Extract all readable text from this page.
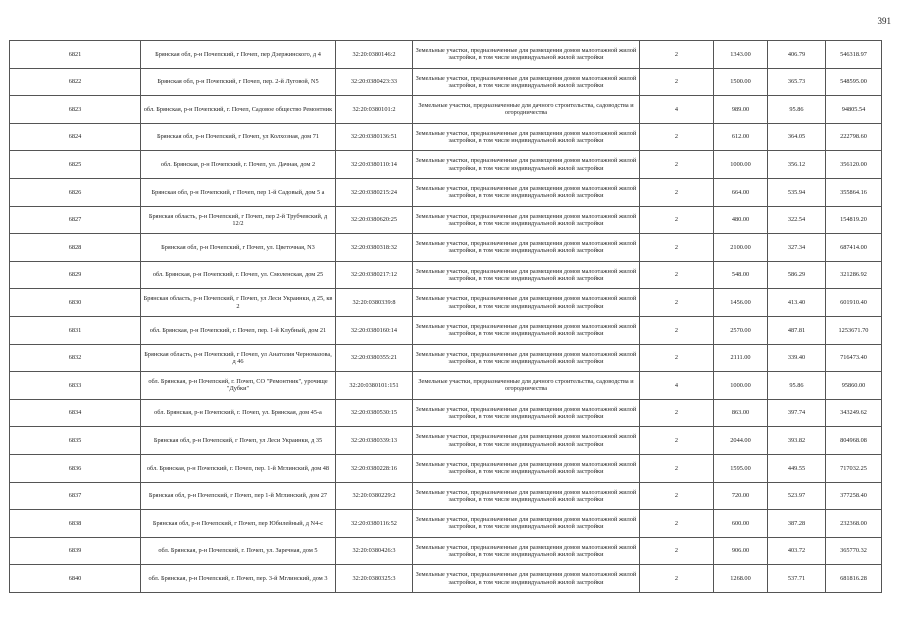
391
6821	Брянская обл, р-н Почепский, г Почеп, пер Дзержинского, д 4	32:20:0380146:2	Земельные участки, предназначенные для размещения домов малоэтажной жилой застройки, в том числе индивидуальной жилой застройки	2	1343.00	406.79	546318.97
6822	Брянская обл, р-н Почепский, г Почеп, пер. 2-й Луговой, N5	32:20:0380423:33	Земельные участки, предназначенные для размещения домов малоэтажной жилой застройки, в том числе индивидуальной жилой застройки	2	1500.00	365.73	548595.00
6823	обл. Брянская, р-н Почепский, г. Почеп, Садовое общество Ремонтник	32:20:0380101:2	Земельные участки, предназначенные для дачного строительства, садоводства и огородничества	4	989.00	95.86	94805.54
6824	Брянская обл, р-н Почепский, г Почеп, ул Колхозная, дом 71	32:20:0380136:51	Земельные участки, предназначенные для размещения домов малоэтажной жилой застройки, в том числе индивидуальной жилой застройки	2	612.00	364.05	222798.60
6825	обл. Брянская, р-н Почепский, г. Почеп, ул. Дачная, дом 2	32:20:0380110:14	Земельные участки, предназначенные для размещения домов малоэтажной жилой застройки, в том числе индивидуальной жилой застройки	2	1000.00	356.12	356120.00
6826	Брянская обл, р-н Почепский, г Почеп, пер 1-й Садовый, дом 5 а	32:20:0380215:24	Земельные участки, предназначенные для размещения домов малоэтажной жилой застройки, в том числе индивидуальной жилой застройки	2	664.00	535.94	355864.16
6827	Брянская область, р-н Почепский, г Почеп, пер 2-й Трубчевский, д 12/2	32:20:0380620:25	Земельные участки, предназначенные для размещения домов малоэтажной жилой застройки, в том числе индивидуальной жилой застройки	2	480.00	322.54	154819.20
6828	Брянская обл, р-н Почепский, г Почеп, ул. Цветочная, N3	32:20:0380318:32	Земельные участки, предназначенные для размещения домов малоэтажной жилой застройки, в том числе индивидуальной жилой застройки	2	2100.00	327.34	687414.00
6829	обл. Брянская, р-н Почепский, г. Почеп, ул. Смоленская, дом 25	32:20:0380217:12	Земельные участки, предназначенные для размещения домов малоэтажной жилой застройки, в том числе индивидуальной жилой застройки	2	548.00	586.29	321286.92
6830	Брянская область, р-н Почепский, г Почеп, ул Леси Украинки, д 25, кв 2	32:20:0380339:8	Земельные участки, предназначенные для размещения домов малоэтажной жилой застройки, в том числе индивидуальной жилой застройки	2	1456.00	413.40	601910.40
6831	обл. Брянская, р-н Почепский, г. Почеп, пер. 1-й Клубный, дом 21	32:20:0380160:14	Земельные участки, предназначенные для размещения домов малоэтажной жилой застройки, в том числе индивидуальной жилой застройки	2	2570.00	487.81	1253671.70
6832	Брянская область, р-н Почепский, г Почеп, ул Анатолия Черномазова, д 46	32:20:0380355:21	Земельные участки, предназначенные для размещения домов малоэтажной жилой застройки, в том числе индивидуальной жилой застройки	2	2111.00	339.40	716473.40
6833	обл. Брянская, р-н Почепский, г. Почеп, СО "Ремонтник", урочище "Дубки"	32:20:0380101:151	Земельные участки, предназначенные для дачного строительства, садоводства и огородничества	4	1000.00	95.86	95860.00
6834	обл. Брянская, р-н Почепский, г. Почеп, ул. Брянская, дом 45-а	32:20:0380530:15	Земельные участки, предназначенные для размещения домов малоэтажной жилой застройки, в том числе индивидуальной жилой застройки	2	863.00	397.74	343249.62
6835	Брянская обл, р-н Почепский, г Почеп, ул Леси Украинки, д 35	32:20:0380339:13	Земельные участки, предназначенные для размещения домов малоэтажной жилой застройки, в том числе индивидуальной жилой застройки	2	2044.00	393.82	804968.08
6836	обл. Брянская, р-н Почепский, г. Почеп, пер. 1-й Мглинский, дом 48	32:20:0380228:16	Земельные участки, предназначенные для размещения домов малоэтажной жилой застройки, в том числе индивидуальной жилой застройки	2	1595.00	449.55	717032.25
6837	Брянская обл, р-н Почепский, г Почеп, пер 1-й Мглинский, дом 27	32:20:0380229:2	Земельные участки, предназначенные для размещения домов малоэтажной жилой застройки, в том числе индивидуальной жилой застройки	2	720.00	523.97	377258.40
6838	Брянская обл, р-н Почепский, г Почеп, пер Юбилейный, д N4-с	32:20:0380116:52	Земельные участки, предназначенные для размещения домов малоэтажной жилой застройки, в том числе индивидуальной жилой застройки	2	600.00	387.28	232368.00
6839	обл. Брянская, р-н Почепский, г. Почеп, ул. Заречная, дом 5	32:20:0380426:3	Земельные участки, предназначенные для размещения домов малоэтажной жилой застройки, в том числе индивидуальной жилой застройки	2	906.00	403.72	365770.32
6840	обл. Брянская, р-н Почепский, г. Почеп, пер. 3-й Мглинский, дом 3	32:20:0380325:3	Земельные участки, предназначенные для размещения домов малоэтажной жилой застройки, в том числе индивидуальной жилой застройки	2	1268.00	537.71	681816.28
